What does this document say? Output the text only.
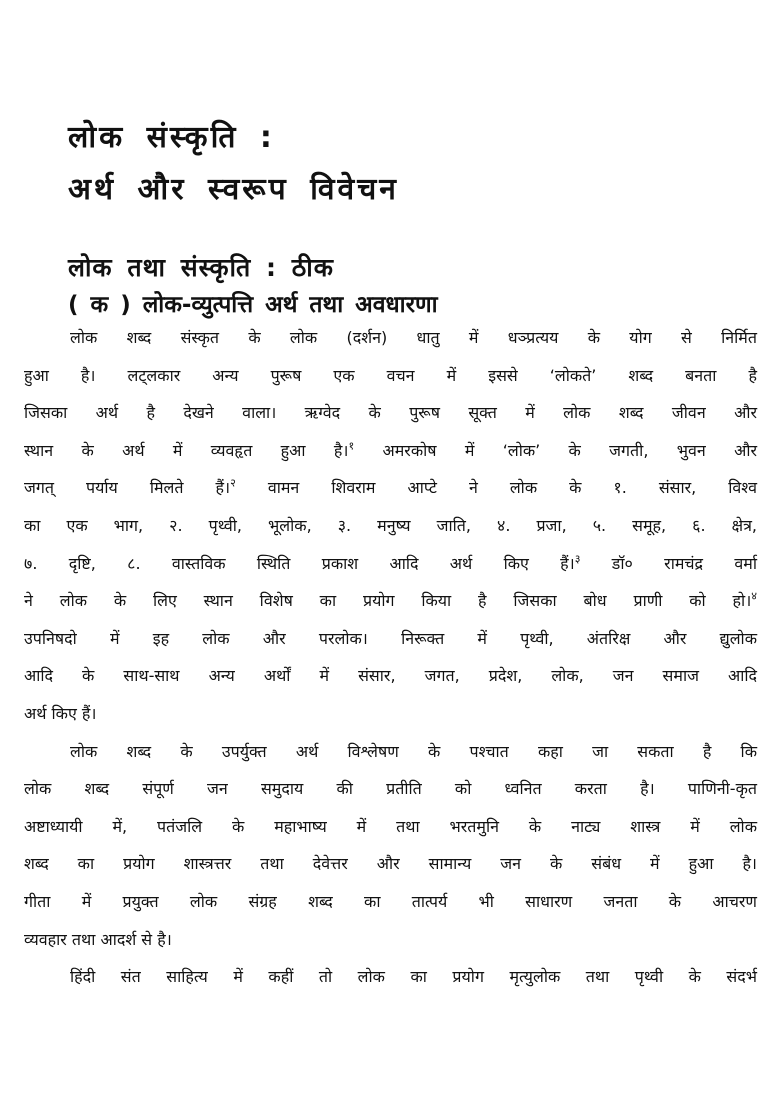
लोक संस्कृति :
अर्थ और स्वरूप विवेचन
लोक तथा संस्कृति : ठीक
( क ) लोक-व्युत्पत्ति अर्थ तथा अवधारणा
लोक शब्द संस्कृत के लोक (दर्शन) धातु में धञ्प्रत्यय के योग से निर्मित
हुआ है। लट्लकार अन्य पुरूष एक वचन में इससे ‘लोकते’ शब्द बनता है
जिसका अर्थ है देखने वाला। ऋग्वेद के पुरूष सूक्त में लोक शब्द जीवन और
स्थान के अर्थ में व्यवहृत हुआ है।$^१$ अमरकोष में ‘लोक’ के जगती, भुवन और
जगत् पर्याय मिलते हैं।$^२$ वामन शिवराम आप्टे ने लोक के १. संसार, विश्व
का एक भाग, २. पृथ्वी, भूलोक, ३. मनुष्य जाति, ४. प्रजा, ५. समूह, ६. क्षेत्र,
७. दृष्टि, ८. वास्तविक स्थिति प्रकाश आदि अर्थ किए हैं।$^३$ डॉ० रामचंद्र वर्मा
ने लोक के लिए स्थान विशेष का प्रयोग किया है जिसका बोध प्राणी को हो।$^४$
उपनिषदो में इह लोक और परलोक। निरूक्त में पृथ्वी, अंतरिक्ष और द्युलोक
आदि के साथ-साथ अन्य अर्थों में संसार, जगत, प्रदेश, लोक, जन समाज आदि
अर्थ किए हैं।
लोक शब्द के उपर्युक्त अर्थ विश्लेषण के पश्चात कहा जा सकता है कि
लोक शब्द संपूर्ण जन समुदाय की प्रतीति को ध्वनित करता है। पाणिनी-कृत
अष्टाध्यायी में, पतंजलि के महाभाष्य में तथा भरतमुनि के नाट्य शास्त्र में लोक
शब्द का प्रयोग शास्त्रत्तर तथा देवेत्तर और सामान्य जन के संबंध में हुआ है।
गीता में प्रयुक्त लोक संग्रह शब्द का तात्पर्य भी साधारण जनता के आचरण
व्यवहार तथा आदर्श से है।
हिंदी संत साहित्य में कहीं तो लोक का प्रयोग मृत्युलोक तथा पृथ्वी के संदर्भ
